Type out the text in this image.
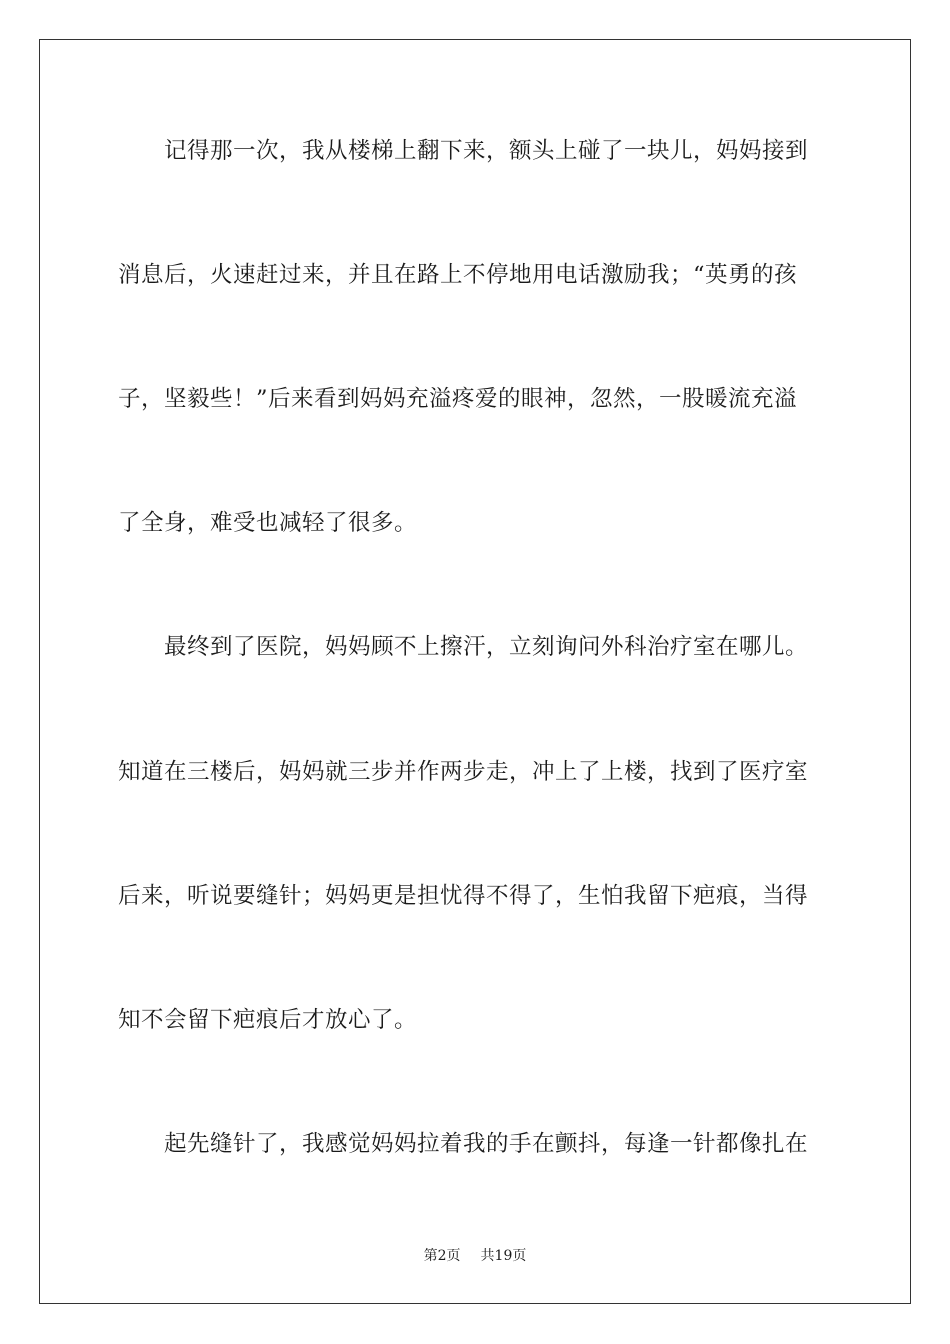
记得那一次，我从楼梯上翻下来，额头上碰了一块儿，妈妈接到
消息后，火速赶过来，并且在路上不停地用电话激励我；“英勇的孩
子，坚毅些！”后来看到妈妈充溢疼爱的眼神，忽然，一股暖流充溢
了全身，难受也减轻了很多。
最终到了医院，妈妈顾不上擦汗，立刻询问外科治疗室在哪儿。
知道在三楼后，妈妈就三步并作两步走，冲上了上楼，找到了医疗室
后来，听说要缝针；妈妈更是担忧得不得了，生怕我留下疤痕，当得
知不会留下疤痕后才放心了。
起先缝针了，我感觉妈妈拉着我的手在颤抖，每逢一针都像扎在
第2页 共19页
